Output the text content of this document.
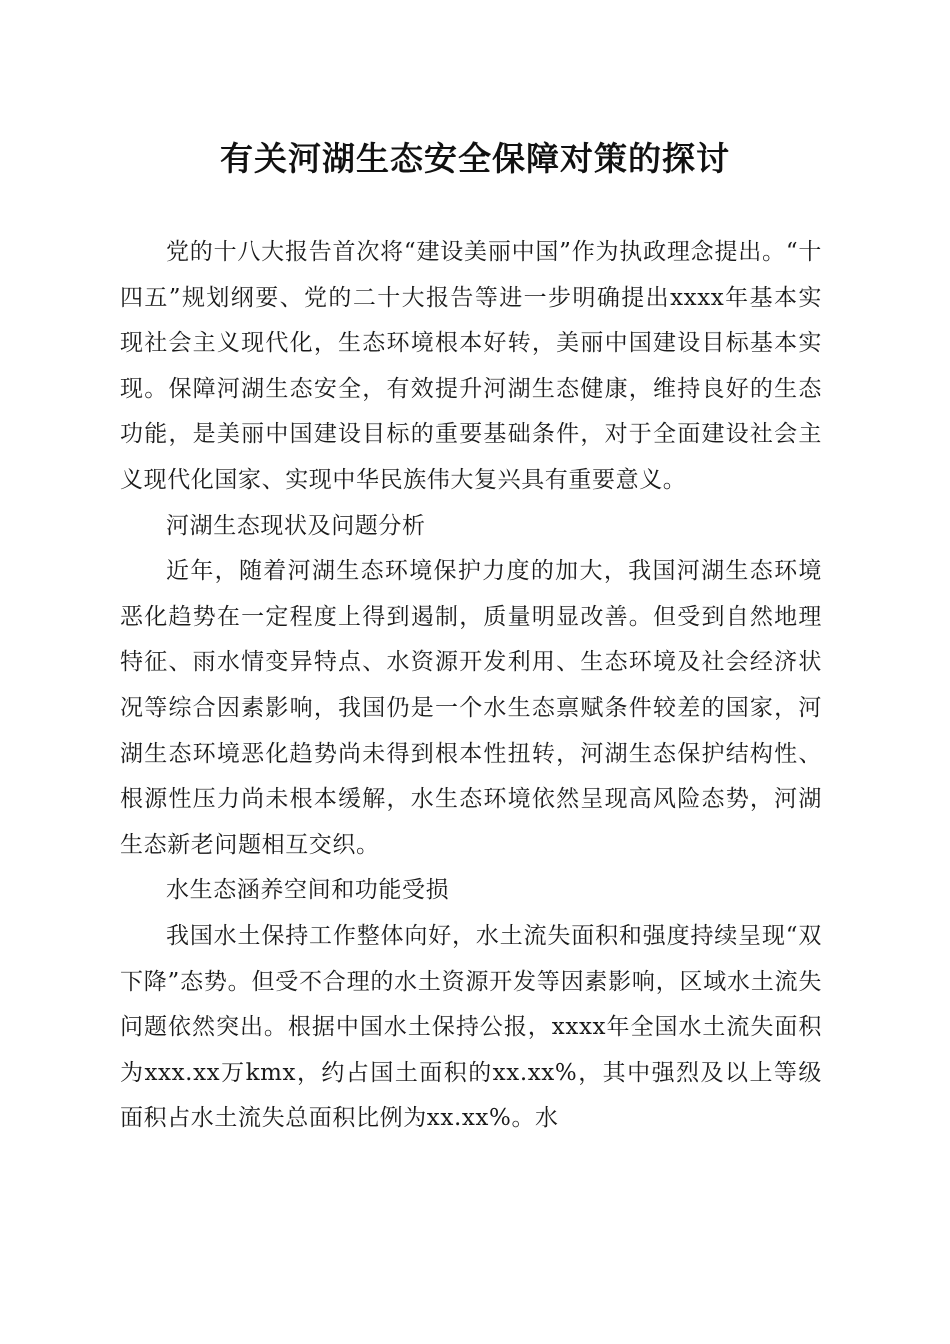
有关河湖生态安全保障对策的探讨

党的十八大报告首次将“建设美丽中国”作为执政理念提出。“十四五”规划纲要、党的二十大报告等进一步明确提出xxxx年基本实现社会主义现代化，生态环境根本好转，美丽中国建设目标基本实现。保障河湖生态安全，有效提升河湖生态健康，维持良好的生态功能，是美丽中国建设目标的重要基础条件，对于全面建设社会主义现代化国家、实现中华民族伟大复兴具有重要意义。

河湖生态现状及问题分析

近年，随着河湖生态环境保护力度的加大，我国河湖生态环境恶化趋势在一定程度上得到遏制，质量明显改善。但受到自然地理特征、雨水情变异特点、水资源开发利用、生态环境及社会经济状况等综合因素影响，我国仍是一个水生态禀赋条件较差的国家，河湖生态环境恶化趋势尚未得到根本性扭转，河湖生态保护结构性、根源性压力尚未根本缓解，水生态环境依然呈现高风险态势，河湖生态新老问题相互交织。

水生态涵养空间和功能受损

我国水土保持工作整体向好，水土流失面积和强度持续呈现“双下降”态势。但受不合理的水土资源开发等因素影响，区域水土流失问题依然突出。根据中国水土保持公报，xxxx年全国水土流失面积为xxx.xx万kmx，约占国土面积的xx.xx%，其中强烈及以上等级面积占水土流失总面积比例为xx.xx%。水
